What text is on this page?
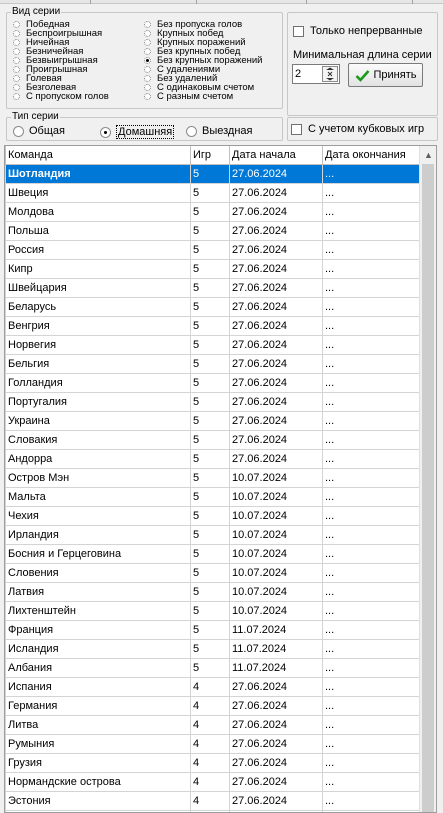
Вид серии
Победная
Беспроигрышная
Ничейная
Безничейная
Безвыигрышная
Проигрышная
Голевая
Безголевая
С пропуском голов
Без пропуска голов
Крупных побед
Крупных поражений
Без крупных побед
Без крупных поражений
С удалениями
Без удалений
С одинаковым счетом
С разным счетом
Только непрерванные
Минимальная длина серии
2
Принять
Тип серии
Общая	Домашняя	Выездная	С учетом кубковых игр
Команда	Игр	Дата начала	Дата окончания
Шотландия	5	27.06.2024	...
Швеция	5	27.06.2024	...
Молдова	5	27.06.2024	...
Польша	5	27.06.2024	...
Россия	5	27.06.2024	...
Кипр	5	27.06.2024	...
Швейцария	5	27.06.2024	...
Беларусь	5	27.06.2024	...
Венгрия	5	27.06.2024	...
Норвегия	5	27.06.2024	...
Бельгия	5	27.06.2024	...
Голландия	5	27.06.2024	...
Португалия	5	27.06.2024	...
Украина	5	27.06.2024	...
Словакия	5	27.06.2024	...
Андорра	5	27.06.2024	...
Остров Мэн	5	10.07.2024	...
Мальта	5	10.07.2024	...
Чехия	5	10.07.2024	...
Ирландия	5	10.07.2024	...
Босния и Герцеговина	5	10.07.2024	...
Словения	5	10.07.2024	...
Латвия	5	10.07.2024	...
Лихтенштейн	5	10.07.2024	...
Франция	5	11.07.2024	...
Исландия	5	11.07.2024	...
Албания	5	11.07.2024	...
Испания	4	27.06.2024	...
Германия	4	27.06.2024	...
Литва	4	27.06.2024	...
Румыния	4	27.06.2024	...
Грузия	4	27.06.2024	...
Нормандские острова	4	27.06.2024	...
Эстония	4	27.06.2024	...

▲
